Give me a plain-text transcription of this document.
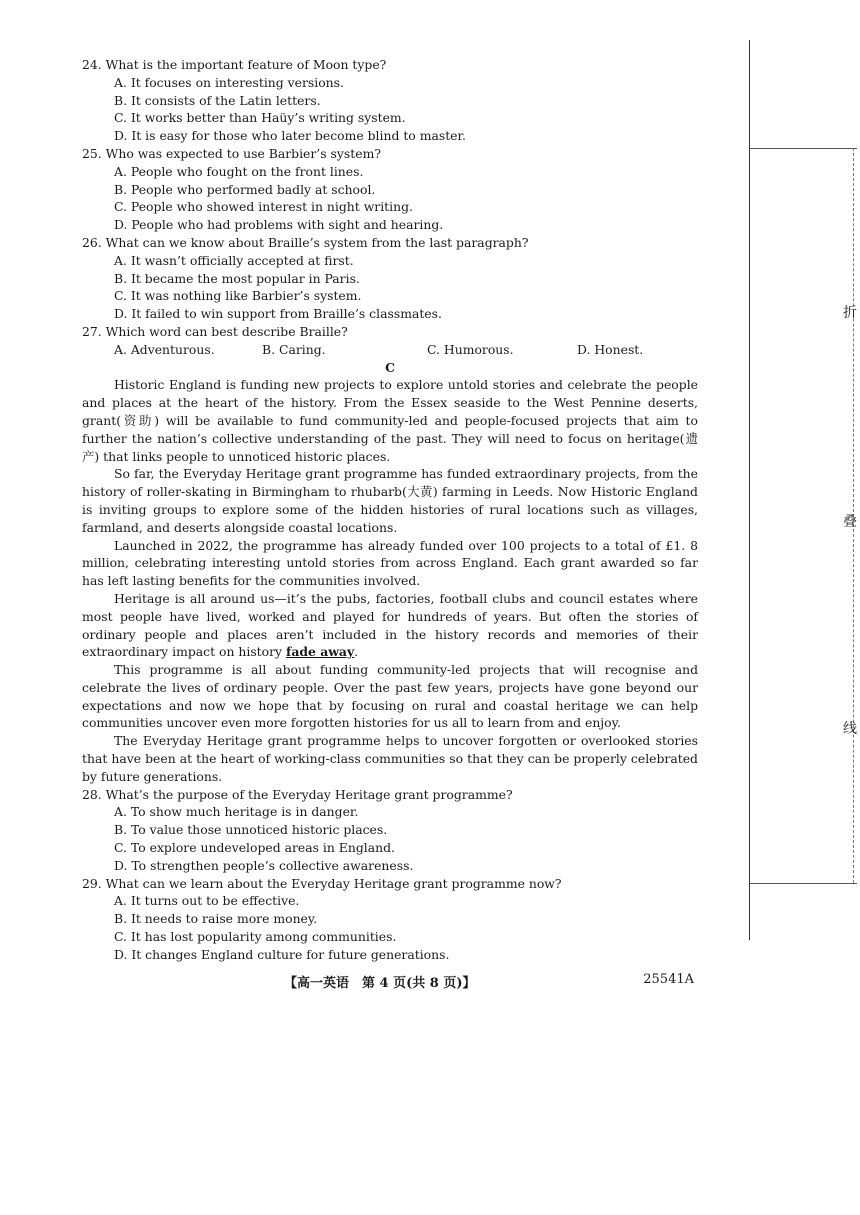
24. What is the important feature of Moon type?

A. It focuses on interesting versions.

B. It consists of the Latin letters.

C. It works better than Haüy’s writing system.

D. It is easy for those who later become blind to master.

25. Who was expected to use Barbier’s system?

A. People who fought on the front lines.

B. People who performed badly at school.

C. People who showed interest in night writing.

D. People who had problems with sight and hearing.

26. What can we know about Braille’s system from the last paragraph?

A. It wasn’t officially accepted at first.

B. It became the most popular in Paris.

C. It was nothing like Barbier’s system.

D. It failed to win support from Braille’s classmates.

27. Which word can best describe Braille?

A. Adventurous.	B. Caring.	C. Humorous.	D. Honest.

C

Historic England is funding new projects to explore untold stories and celebrate the people and places at the heart of the history. From the Essex seaside to the West Pennine deserts, grant(资助) will be available to fund community-led and people-focused projects that aim to further the nation’s collective understanding of the past. They will need to focus on heritage(遗产) that links people to unnoticed historic places.

So far, the Everyday Heritage grant programme has funded extraordinary projects, from the history of roller-skating in Birmingham to rhubarb(大黄) farming in Leeds. Now Historic England is inviting groups to explore some of the hidden histories of rural locations such as villages, farmland, and deserts alongside coastal locations.

Launched in 2022, the programme has already funded over 100 projects to a total of £1. 8 million, celebrating interesting untold stories from across England. Each grant awarded so far has left lasting benefits for the communities involved.

Heritage is all around us—it’s the pubs, factories, football clubs and council estates where most people have lived, worked and played for hundreds of years. But often the stories of ordinary people and places aren’t included in the history records and memories of their extraordinary impact on history fade away.

This programme is all about funding community-led projects that will recognise and celebrate the lives of ordinary people. Over the past few years, projects have gone beyond our expectations and now we hope that by focusing on rural and coastal heritage we can help communities uncover even more forgotten histories for us all to learn from and enjoy.

The Everyday Heritage grant programme helps to uncover forgotten or overlooked stories that have been at the heart of working-class communities so that they can be properly celebrated by future generations.

28. What’s the purpose of the Everyday Heritage grant programme?

A. To show much heritage is in danger.

B. To value those unnoticed historic places.

C. To explore undeveloped areas in England.

D. To strengthen people’s collective awareness.

29. What can we learn about the Everyday Heritage grant programme now?

A. It turns out to be effective.

B. It needs to raise more money.

C. It has lost popularity among communities.

D. It changes England culture for future generations.

【高一英语　第 4 页(共 8 页)】	25541A
折
叠
线
